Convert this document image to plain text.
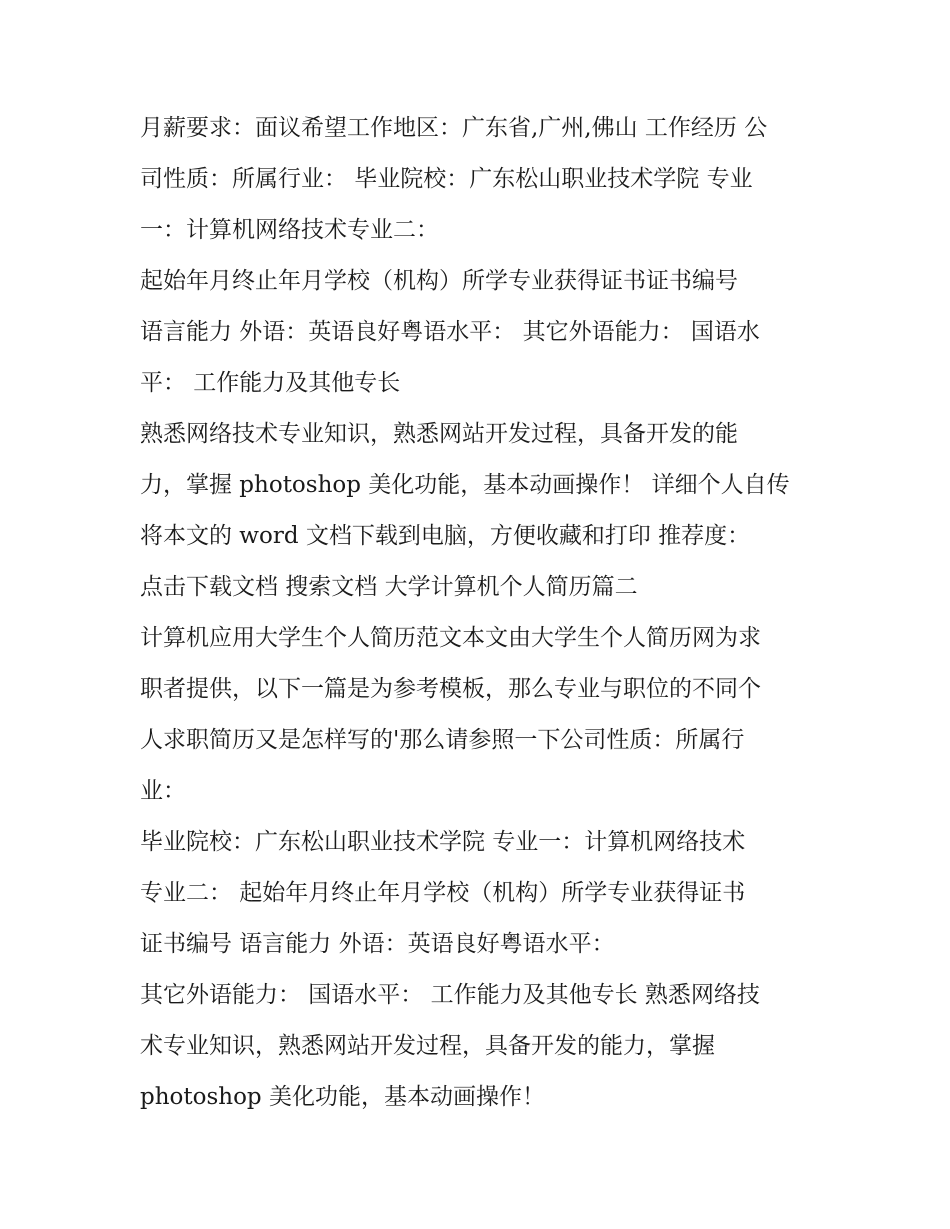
月薪要求：面议希望工作地区：广东省,广州,佛山 工作经历 公
司性质：所属行业： 毕业院校：广东松山职业技术学院 专业
一：计算机网络技术专业二：
起始年月终止年月学校（机构）所学专业获得证书证书编号
语言能力 外语：英语良好粤语水平： 其它外语能力： 国语水
平： 工作能力及其他专长
熟悉网络技术专业知识，熟悉网站开发过程，具备开发的能
力，掌握 photoshop 美化功能，基本动画操作！ 详细个人自传
将本文的 word 文档下载到电脑，方便收藏和打印 推荐度：
点击下载文档 搜索文档 大学计算机个人简历篇二
计算机应用大学生个人简历范文本文由大学生个人简历网为求
职者提供，以下一篇是为参考模板，那么专业与职位的不同个
人求职简历又是怎样写的'那么请参照一下公司性质：所属行
业：
毕业院校：广东松山职业技术学院 专业一：计算机网络技术
专业二： 起始年月终止年月学校（机构）所学专业获得证书
证书编号 语言能力 外语：英语良好粤语水平：
其它外语能力： 国语水平： 工作能力及其他专长 熟悉网络技
术专业知识，熟悉网站开发过程，具备开发的能力，掌握
photoshop 美化功能，基本动画操作！
